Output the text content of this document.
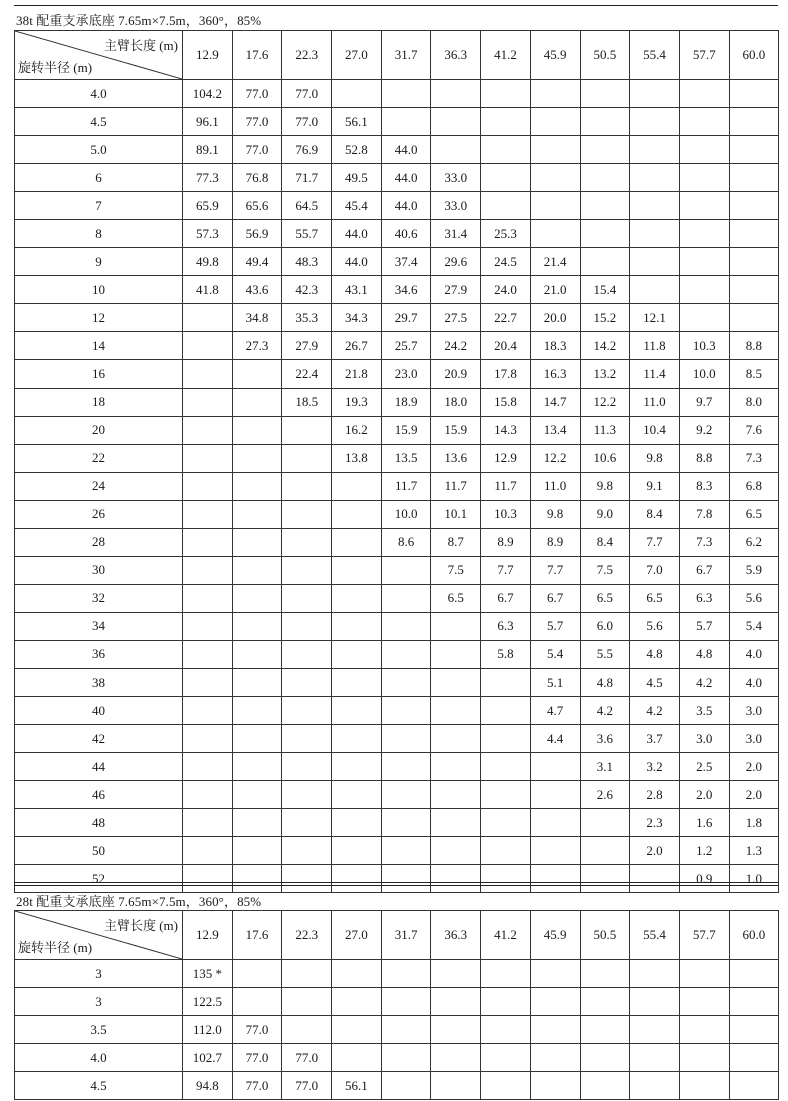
38t 配重支承底座 7.65m×7.5m，360°，85%
主臂长度 (m)
旋转半径 (m)	12.9	17.6	22.3	27.0	31.7	36.3	41.2	45.9	50.5	55.4	57.7	60.0
4.0	104.2	77.0	77.0									
4.5	96.1	77.0	77.0	56.1								
5.0	89.1	77.0	76.9	52.8	44.0							
6	77.3	76.8	71.7	49.5	44.0	33.0						
7	65.9	65.6	64.5	45.4	44.0	33.0						
8	57.3	56.9	55.7	44.0	40.6	31.4	25.3					
9	49.8	49.4	48.3	44.0	37.4	29.6	24.5	21.4				
10	41.8	43.6	42.3	43.1	34.6	27.9	24.0	21.0	15.4			
12		34.8	35.3	34.3	29.7	27.5	22.7	20.0	15.2	12.1		
14		27.3	27.9	26.7	25.7	24.2	20.4	18.3	14.2	11.8	10.3	8.8
16			22.4	21.8	23.0	20.9	17.8	16.3	13.2	11.4	10.0	8.5
18			18.5	19.3	18.9	18.0	15.8	14.7	12.2	11.0	9.7	8.0
20				16.2	15.9	15.9	14.3	13.4	11.3	10.4	9.2	7.6
22				13.8	13.5	13.6	12.9	12.2	10.6	9.8	8.8	7.3
24					11.7	11.7	11.7	11.0	9.8	9.1	8.3	6.8
26					10.0	10.1	10.3	9.8	9.0	8.4	7.8	6.5
28					8.6	8.7	8.9	8.9	8.4	7.7	7.3	6.2
30						7.5	7.7	7.7	7.5	7.0	6.7	5.9
32						6.5	6.7	6.7	6.5	6.5	6.3	5.6
34							6.3	5.7	6.0	5.6	5.7	5.4
36							5.8	5.4	5.5	4.8	4.8	4.0
38								5.1	4.8	4.5	4.2	4.0
40								4.7	4.2	4.2	3.5	3.0
42								4.4	3.6	3.7	3.0	3.0
44									3.1	3.2	2.5	2.0
46									2.6	2.8	2.0	2.0
48										2.3	1.6	1.8
50										2.0	1.2	1.3
52											0.9	1.0
28t 配重支承底座 7.65m×7.5m，360°，85%
主臂长度 (m)
旋转半径 (m)	12.9	17.6	22.3	27.0	31.7	36.3	41.2	45.9	50.5	55.4	57.7	60.0
3	135 *											
3	122.5											
3.5	112.0	77.0										
4.0	102.7	77.0	77.0									
4.5	94.8	77.0	77.0	56.1								
